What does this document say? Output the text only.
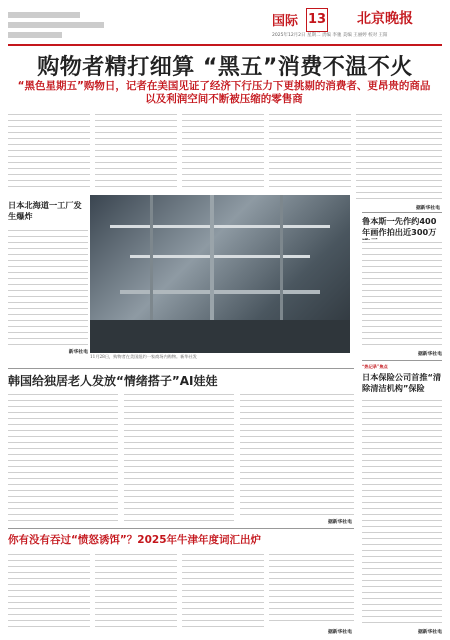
国际 13	北京晚报
2025年12月2日 星期二 责编 李驰 美编 王丽婷 校对 王阳
购物者精打细算 “黑五”消费不温不火
“黑色星期五”购物日，记者在美国见证了经济下行压力下更挑剔的消费者、更昂贵的商品以及利润空间不断被压缩的零售商
据新华社电
日本北海道一工厂发生爆炸
新华社电
11月28日，购物者在美国纽约一家商场内购物。新华社发
鲁本斯一先作约400年画作拍出近300万
据新华社电
“热记录”焦点
日本保险公司首推“清除清洁机构”保险
据新华社电
韩国给独居老人发放“情绪搭子”AI娃娃
据新华社电
你有没有吞过“愤怒诱饵”？2025年牛津年度词汇出炉
据新华社电
